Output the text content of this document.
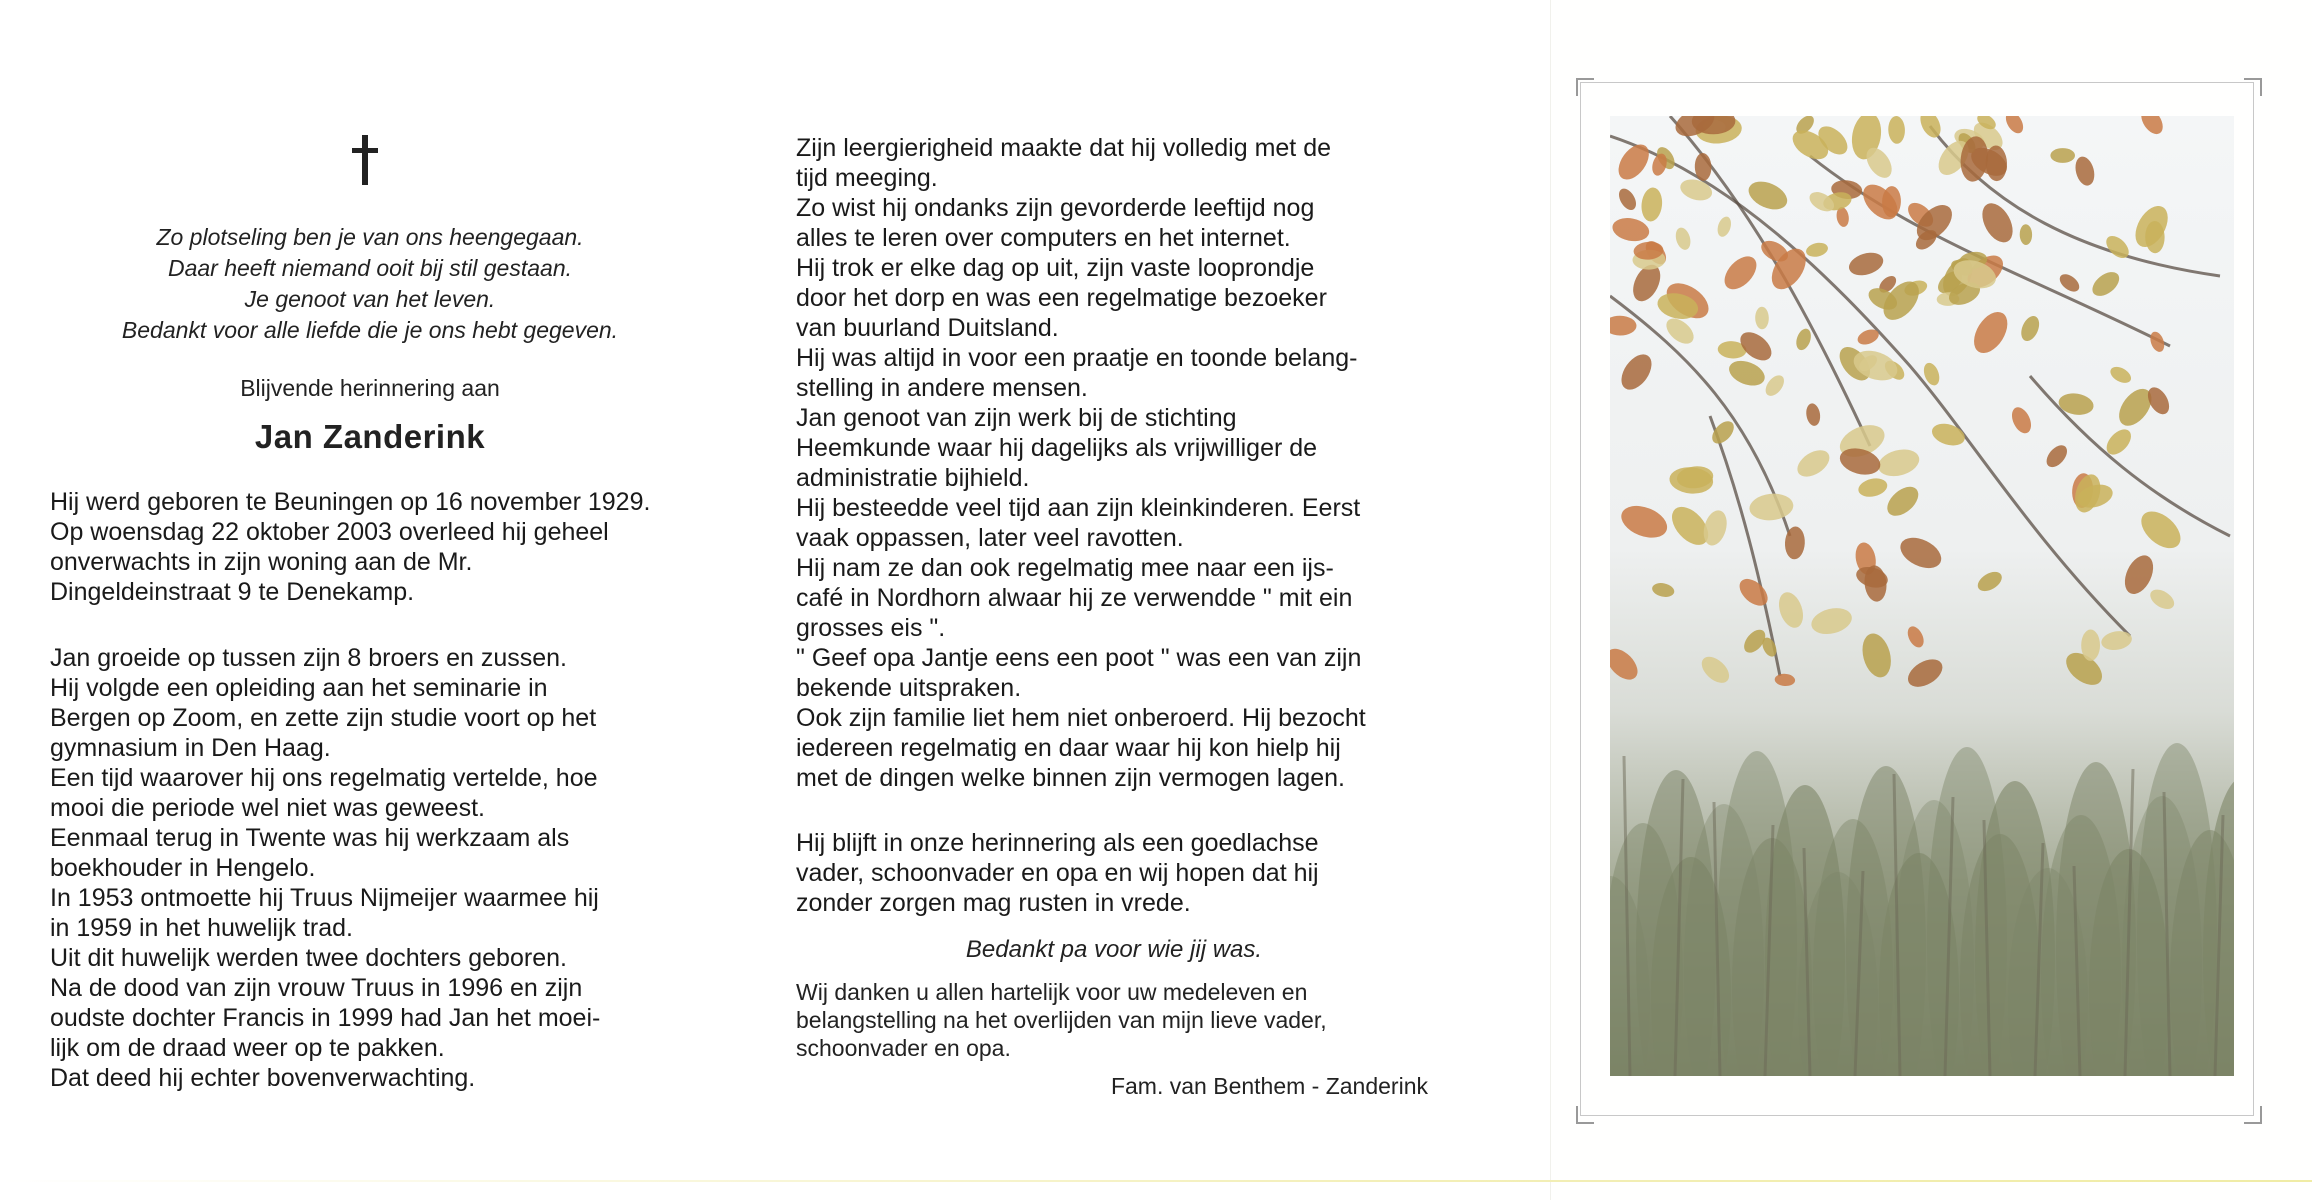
Zo plotseling ben je van ons heengegaan.
Daar heeft niemand ooit bij stil gestaan.
Je genoot van het leven.
Bedankt voor alle liefde die je ons hebt gegeven.
Blijvende herinnering aan
Jan Zanderink
Hij werd geboren te Beuningen op 16 november 1929.
Op woensdag 22 oktober 2003 overleed hij geheel
onverwachts in zijn woning aan de Mr.
Dingeldeinstraat 9 te Denekamp.
Jan groeide op tussen zijn 8 broers en zussen.
Hij volgde een opleiding aan het seminarie in
Bergen op Zoom, en zette zijn studie voort op het
gymnasium in Den Haag.
Een tijd waarover hij ons regelmatig vertelde, hoe
mooi die periode wel niet was geweest.
Eenmaal terug in Twente was hij werkzaam als
boekhouder in Hengelo.
In 1953 ontmoette hij Truus Nijmeijer waarmee hij
in 1959 in het huwelijk trad.
Uit dit huwelijk werden twee dochters geboren.
Na de dood van zijn vrouw Truus in 1996 en zijn
oudste dochter Francis in 1999 had Jan het moei-
lijk om de draad weer op te pakken.
Dat deed hij echter bovenverwachting.
Zijn leergierigheid maakte dat hij volledig met de
tijd meeging.
Zo wist hij ondanks zijn gevorderde leeftijd nog
alles te leren over computers en het internet.
Hij trok er elke dag op uit, zijn vaste looprondje
door het dorp en was een regelmatige bezoeker
van buurland Duitsland.
Hij was altijd in voor een praatje en toonde belang-
stelling in andere mensen.
Jan genoot van zijn werk bij de stichting
Heemkunde waar hij dagelijks als vrijwilliger de
administratie bijhield.
Hij besteedde veel tijd aan zijn kleinkinderen. Eerst
vaak oppassen, later veel ravotten.
Hij nam ze dan ook regelmatig mee naar een ijs-
café in Nordhorn alwaar hij ze verwendde " mit ein
grosses eis ".
" Geef opa Jantje eens een poot " was een van zijn
bekende uitspraken.
Ook zijn familie liet hem niet onberoerd. Hij bezocht
iedereen regelmatig en daar waar hij kon hielp hij
met de dingen welke binnen zijn vermogen lagen.
Hij blijft in onze herinnering als een goedlachse
vader, schoonvader en opa en wij hopen dat hij
zonder zorgen mag rusten in vrede.
Bedankt pa voor wie jij was.
Wij danken u allen hartelijk voor uw medeleven en
belangstelling na het overlijden van mijn lieve vader,
schoonvader en opa.
Fam. van Benthem - Zanderink
